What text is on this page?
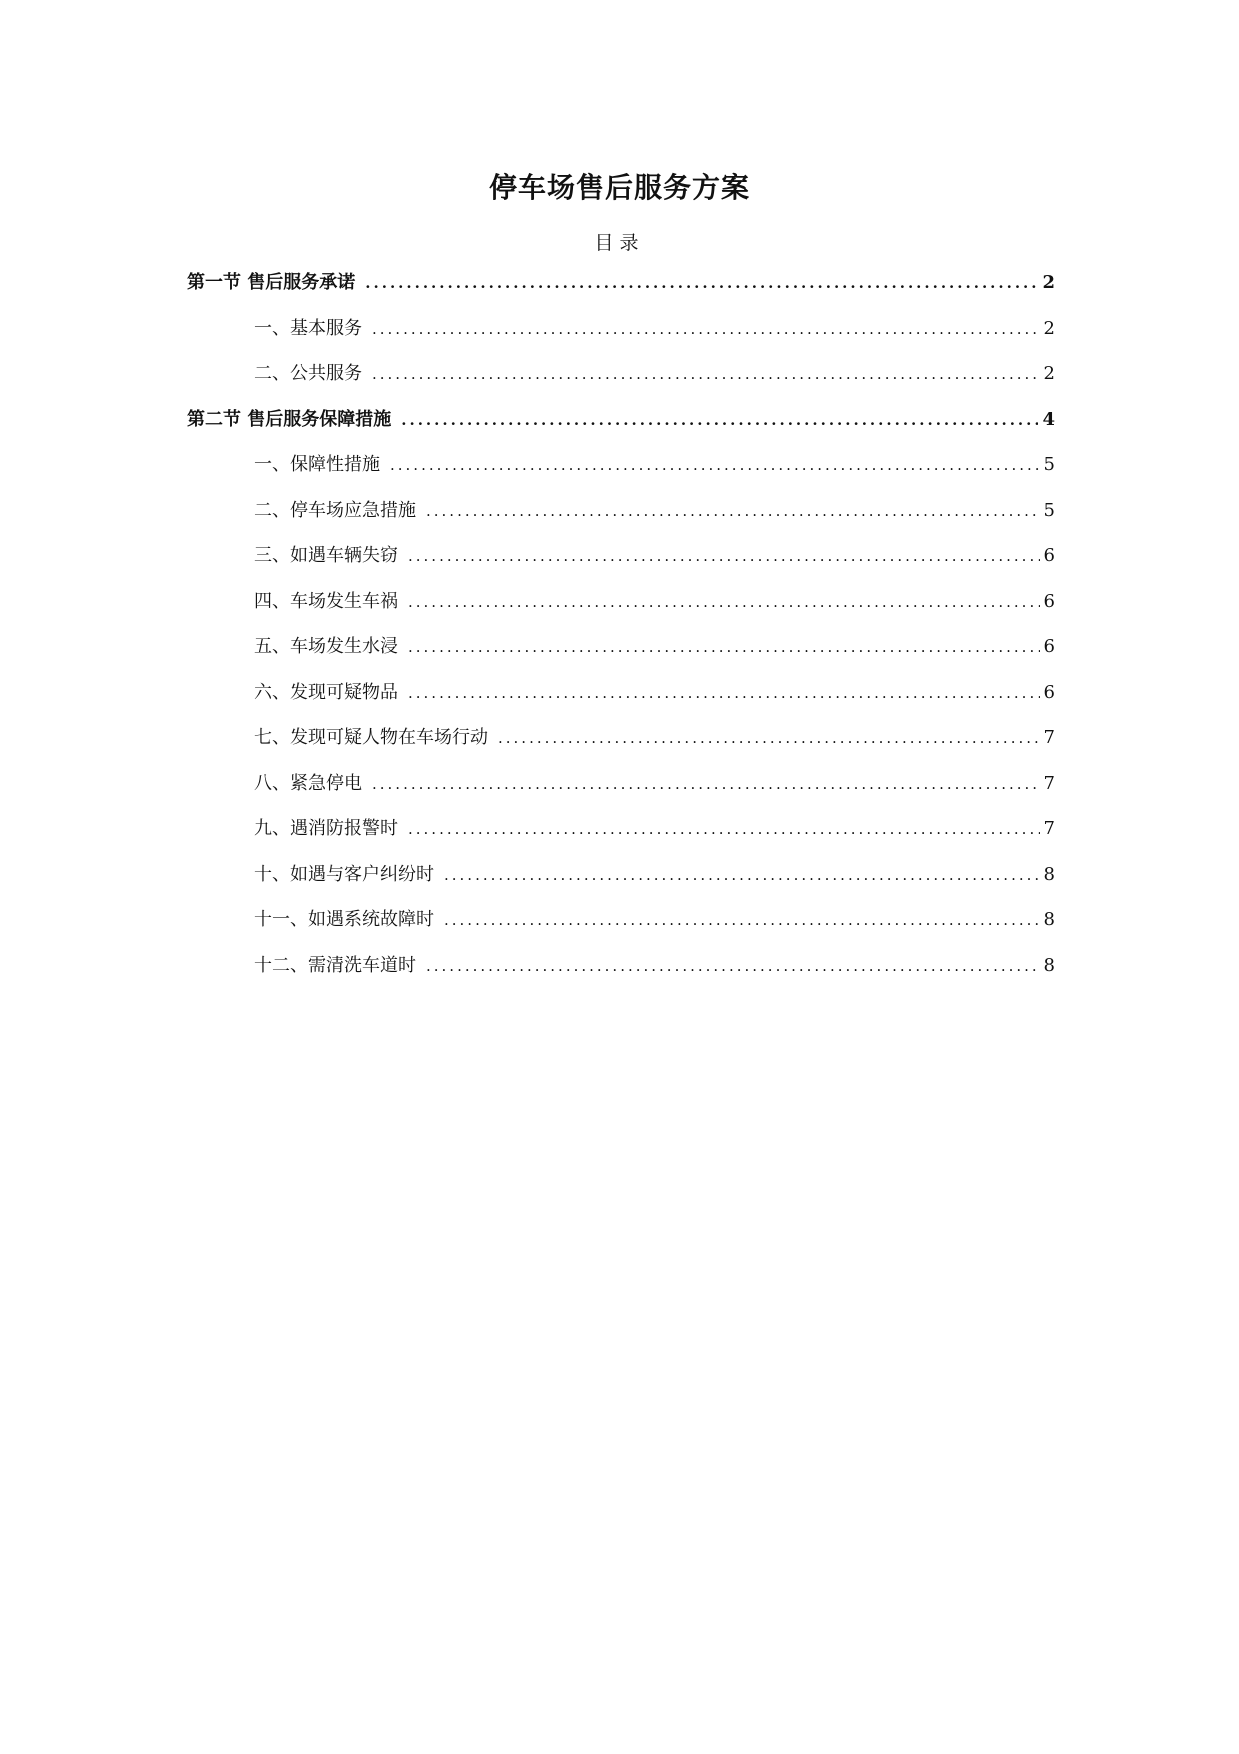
停车场售后服务方案
目录
第一节 售后服务承诺 .....	2
一、基本服务 .....	2
二、公共服务 .....	2
第二节 售后服务保障措施 .....	4
一、保障性措施 .....	5
二、停车场应急措施 .....	5
三、如遇车辆失窃 .....	6
四、车场发生车祸 .....	6
五、车场发生水浸 .....	6
六、发现可疑物品 .....	6
七、发现可疑人物在车场行动 .....	7
八、紧急停电 .....	7
九、遇消防报警时 .....	7
十、如遇与客户纠纷时 .....	8
十一、如遇系统故障时 .....	8
十二、需清洗车道时 .....	8
